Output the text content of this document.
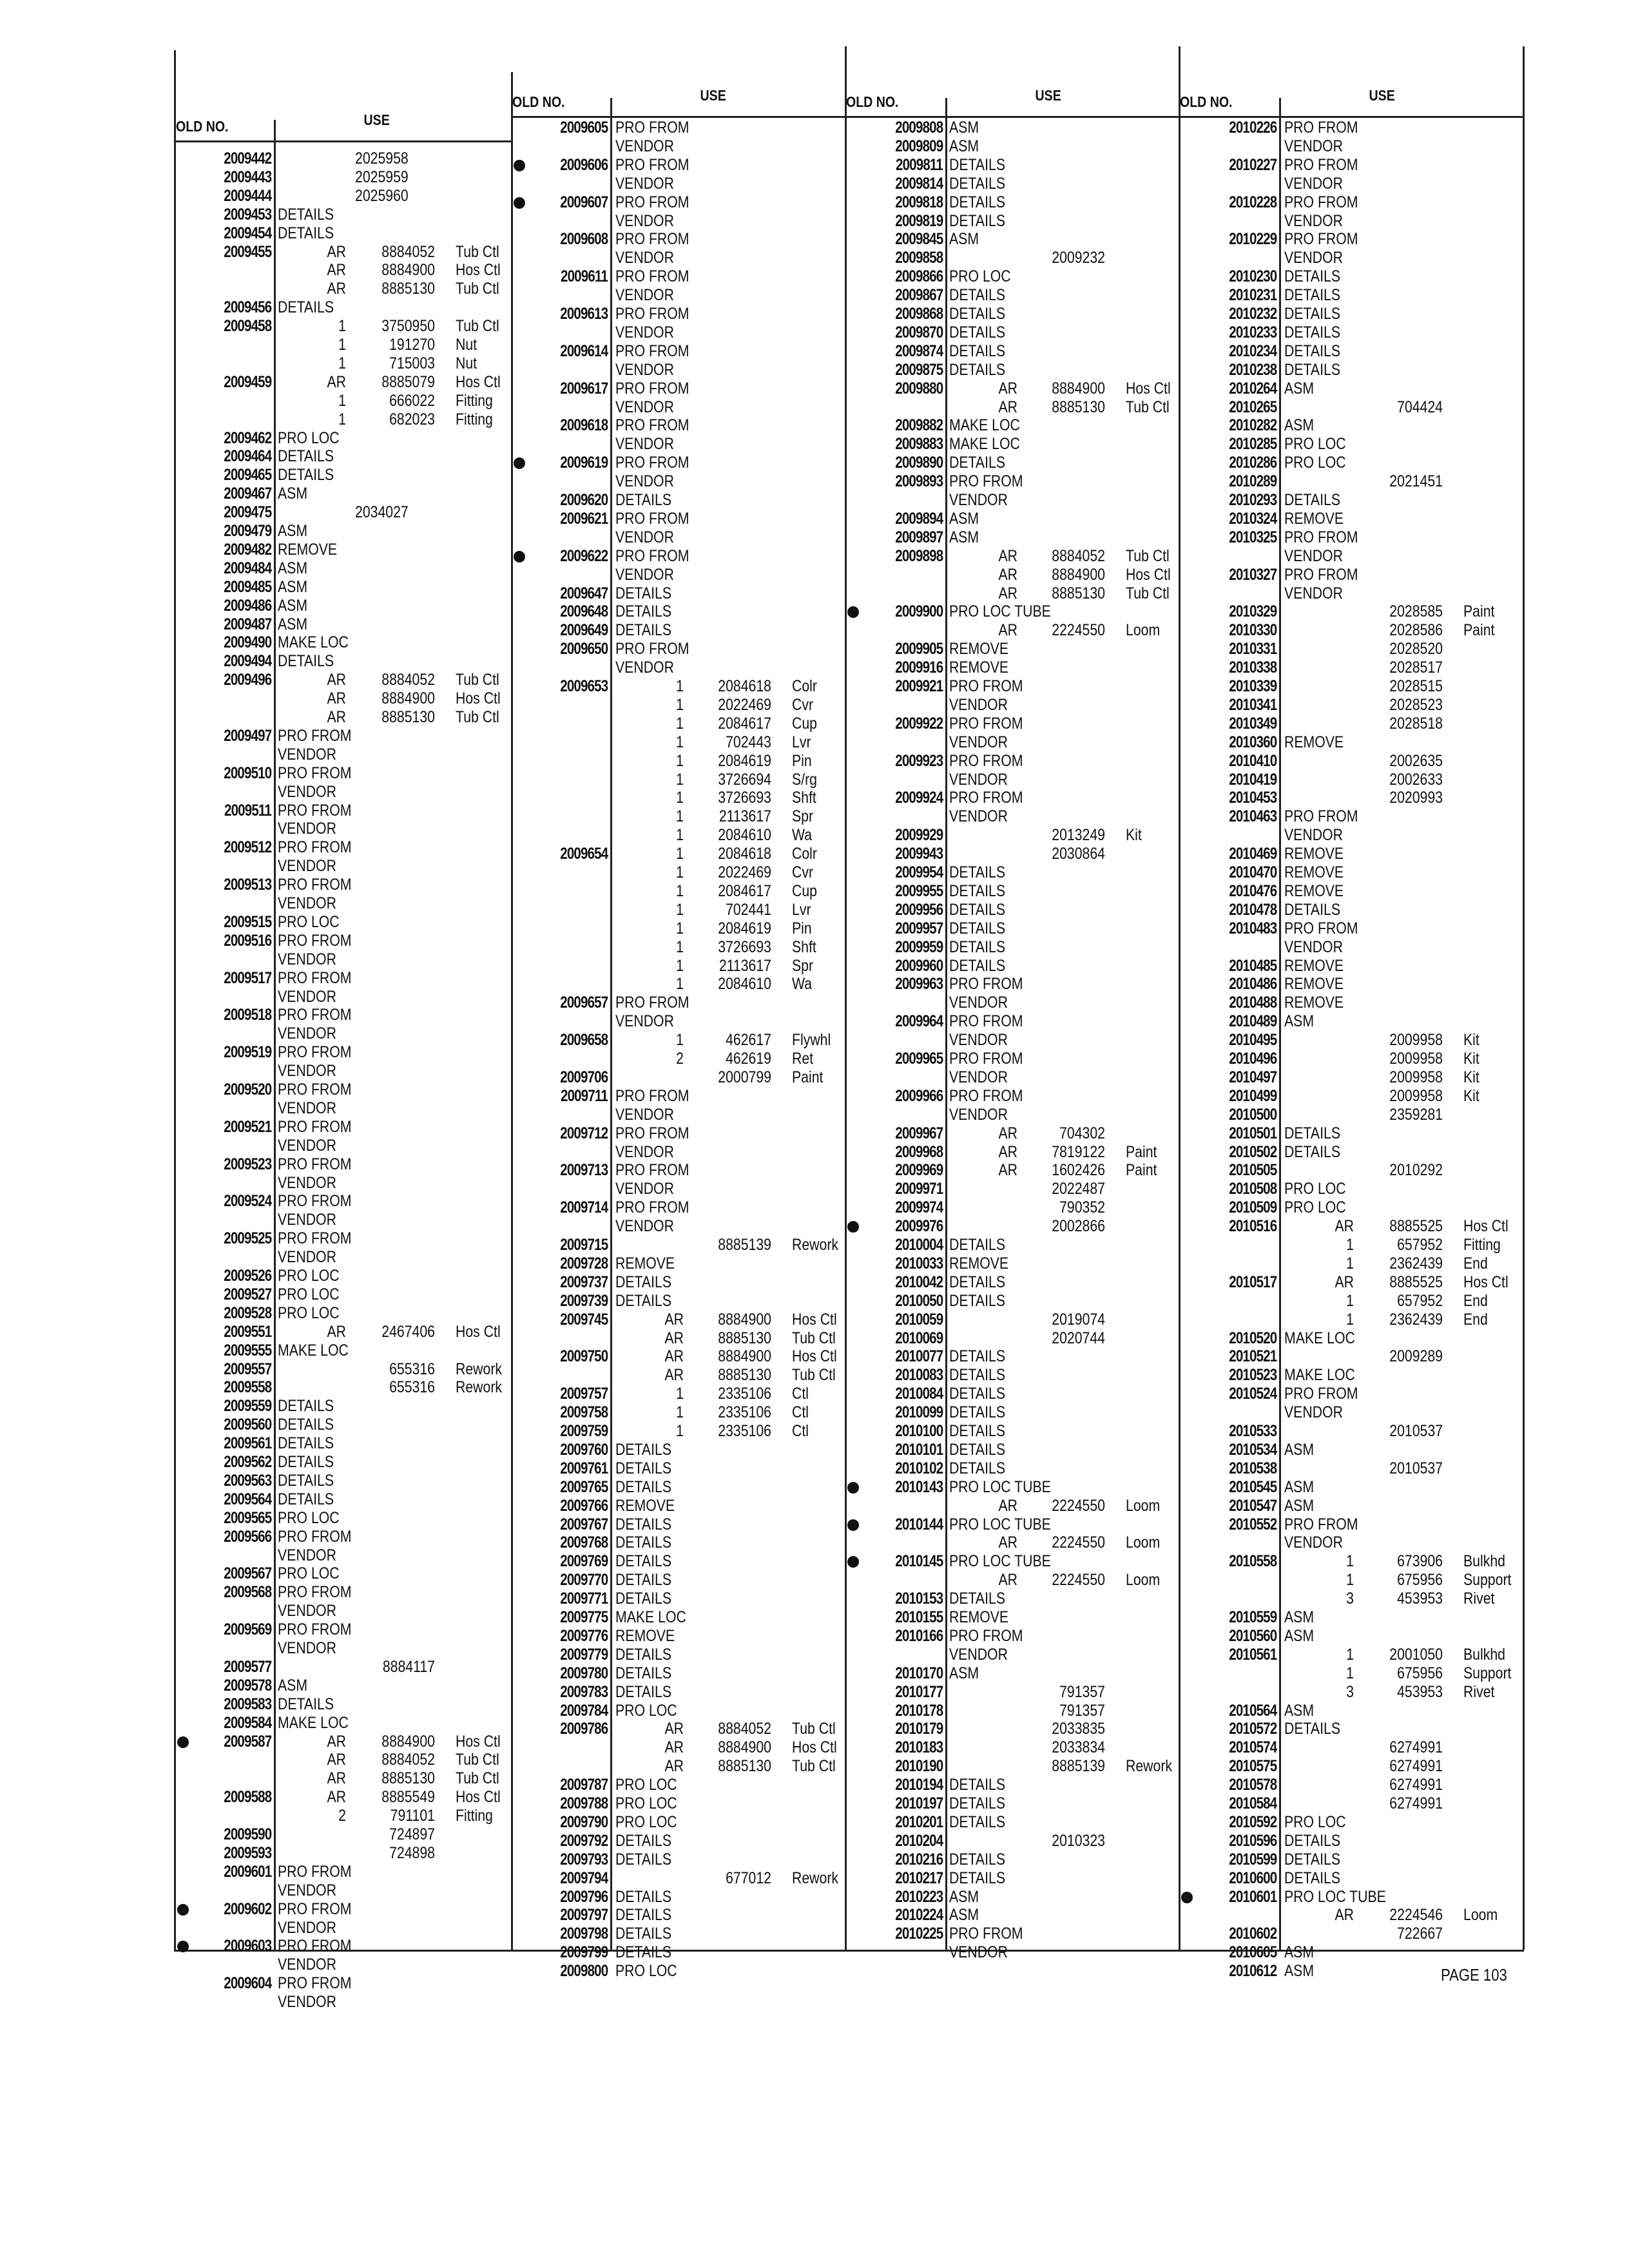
OLD NO.	USE
2009442	2025958
2009443	2025959
2009444	2025960
2009453 DETAILS
2009454 DETAILS
2009455	AR	8884052 Tub Ctl
AR	8884900 Hos Ctl
AR	8885130 Tub Ctl
2009456 DETAILS
2009458	1	3750950 Tub Ctl
1	191270 Nut
1	715003 Nut
2009459	AR	8885079 Hos Ctl
1	666022 Fitting
1	682023 Fitting
2009462 PRO LOC
2009464 DETAILS
2009465 DETAILS
2009467 ASM
2009475	2034027
2009479 ASM
2009482 REMOVE
2009484 ASM
2009485 ASM
2009486 ASM
2009487 ASM
2009490 MAKE LOC
2009494 DETAILS
2009496	AR	8884052 Tub Ctl
AR	8884900 Hos Ctl
AR	8885130 Tub Ctl
2009497 PRO FROM
VENDOR
2009510 PRO FROM
VENDOR
2009511 PRO FROM
VENDOR
2009512 PRO FROM
VENDOR
2009513 PRO FROM
VENDOR
2009515 PRO LOC
2009516 PRO FROM
VENDOR
2009517 PRO FROM
VENDOR
2009518 PRO FROM
VENDOR
2009519 PRO FROM
VENDOR
2009520 PRO FROM
VENDOR
2009521 PRO FROM
VENDOR
2009523 PRO FROM
VENDOR
2009524 PRO FROM
VENDOR
2009525 PRO FROM
VENDOR
2009526 PRO LOC
2009527 PRO LOC
2009528 PRO LOC
2009551	AR	2467406 Hos Ctl
2009555 MAKE LOC
2009557	655316 Rework
2009558	655316 Rework
2009559 DETAILS
2009560 DETAILS
2009561 DETAILS
2009562 DETAILS
2009563 DETAILS
2009564 DETAILS
2009565 PRO LOC
2009566 PRO FROM
VENDOR
2009567 PRO LOC
2009568 PRO FROM
VENDOR
2009569 PRO FROM
VENDOR
2009577	8884117
2009578 ASM
2009583 DETAILS
2009584 MAKE LOC
2009587	AR	8884900 Hos Ctl
AR	8884052 Tub Ctl
AR	8885130 Tub Ctl
2009588	AR	8885549 Hos Ctl
2	791101 Fitting
2009590	724897
2009593	724898
2009601 PRO FROM
VENDOR
2009602 PRO FROM
VENDOR
2009603 PRO FROM
VENDOR
2009604 PRO FROM
VENDOR
OLD NO.	USE
2009605 PRO FROM
VENDOR
2009606 PRO FROM
VENDOR
2009607 PRO FROM
VENDOR
2009608 PRO FROM
VENDOR
2009611 PRO FROM
VENDOR
2009613 PRO FROM
VENDOR
2009614 PRO FROM
VENDOR
2009617 PRO FROM
VENDOR
2009618 PRO FROM
VENDOR
2009619 PRO FROM
VENDOR
2009620 DETAILS
2009621 PRO FROM
VENDOR
2009622 PRO FROM
VENDOR
2009647 DETAILS
2009648 DETAILS
2009649 DETAILS
2009650 PRO FROM
VENDOR
2009653	1	2084618 Colr
1	2022469 Cvr
1	2084617 Cup
1	702443 Lvr
1	2084619 Pin
1	3726694 S/rg
1	3726693 Shft
1	2113617 Spr
1	2084610 Wa
2009654	1	2084618 Colr
1	2022469 Cvr
1	2084617 Cup
1	702441 Lvr
1	2084619 Pin
1	3726693 Shft
1	2113617 Spr
1	2084610 Wa
2009657 PRO FROM
VENDOR
2009658	1	462617 Flywhl
2	462619 Ret
2009706	2000799 Paint
2009711 PRO FROM
VENDOR
2009712 PRO FROM
VENDOR
2009713 PRO FROM
VENDOR
2009714 PRO FROM
VENDOR
2009715	8885139 Rework
2009728 REMOVE
2009737 DETAILS
2009739 DETAILS
2009745	AR	8884900 Hos Ctl
AR	8885130 Tub Ctl
2009750	AR	8884900 Hos Ctl
AR	8885130 Tub Ctl
2009757	1	2335106 Ctl
2009758	1	2335106 Ctl
2009759	1	2335106 Ctl
2009760 DETAILS
2009761 DETAILS
2009765 DETAILS
2009766 REMOVE
2009767 DETAILS
2009768 DETAILS
2009769 DETAILS
2009770 DETAILS
2009771 DETAILS
2009775 MAKE LOC
2009776 REMOVE
2009779 DETAILS
2009780 DETAILS
2009783 DETAILS
2009784 PRO LOC
2009786	AR	8884052 Tub Ctl
AR	8884900 Hos Ctl
AR	8885130 Tub Ctl
2009787 PRO LOC
2009788 PRO LOC
2009790 PRO LOC
2009792 DETAILS
2009793 DETAILS
2009794	677012 Rework
2009796 DETAILS
2009797 DETAILS
2009798 DETAILS
2009799 DETAILS
2009800 PRO LOC
OLD NO.	USE
2009808 ASM
2009809 ASM
2009811 DETAILS
2009814 DETAILS
2009818 DETAILS
2009819 DETAILS
2009845 ASM
2009858	2009232
2009866 PRO LOC
2009867 DETAILS
2009868 DETAILS
2009870 DETAILS
2009874 DETAILS
2009875 DETAILS
2009880	AR	8884900 Hos Ctl
AR	8885130 Tub Ctl
2009882 MAKE LOC
2009883 MAKE LOC
2009890 DETAILS
2009893 PRO FROM
VENDOR
2009894 ASM
2009897 ASM
2009898	AR	8884052 Tub Ctl
AR	8884900 Hos Ctl
AR	8885130 Tub Ctl
2009900 PRO LOC TUBE
AR	2224550 Loom
2009905 REMOVE
2009916 REMOVE
2009921 PRO FROM
VENDOR
2009922 PRO FROM
VENDOR
2009923 PRO FROM
VENDOR
2009924 PRO FROM
VENDOR
2009929	2013249 Kit
2009943	2030864
2009954 DETAILS
2009955 DETAILS
2009956 DETAILS
2009957 DETAILS
2009959 DETAILS
2009960 DETAILS
2009963 PRO FROM
VENDOR
2009964 PRO FROM
VENDOR
2009965 PRO FROM
VENDOR
2009966 PRO FROM
VENDOR
2009967	AR	704302
2009968	AR	7819122 Paint
2009969	AR	1602426 Paint
2009971	2022487
2009974	790352
2009976	2002866
2010004 DETAILS
2010033 REMOVE
2010042 DETAILS
2010050 DETAILS
2010059	2019074
2010069	2020744
2010077 DETAILS
2010083 DETAILS
2010084 DETAILS
2010099 DETAILS
2010100 DETAILS
2010101 DETAILS
2010102 DETAILS
2010143 PRO LOC TUBE
AR	2224550 Loom
2010144 PRO LOC TUBE
AR	2224550 Loom
2010145 PRO LOC TUBE
AR	2224550 Loom
2010153 DETAILS
2010155 REMOVE
2010166 PRO FROM
VENDOR
2010170 ASM
2010177	791357
2010178	791357
2010179	2033835
2010183	2033834
2010190	8885139 Rework
2010194 DETAILS
2010197 DETAILS
2010201 DETAILS
2010204	2010323
2010216 DETAILS
2010217 DETAILS
2010223 ASM
2010224 ASM
2010225 PRO FROM
VENDOR
OLD NO.	USE
2010226 PRO FROM
VENDOR
2010227 PRO FROM
VENDOR
2010228 PRO FROM
VENDOR
2010229 PRO FROM
VENDOR
2010230 DETAILS
2010231 DETAILS
2010232 DETAILS
2010233 DETAILS
2010234 DETAILS
2010238 DETAILS
2010264 ASM
2010265	704424
2010282 ASM
2010285 PRO LOC
2010286 PRO LOC
2010289	2021451
2010293 DETAILS
2010324 REMOVE
2010325 PRO FROM
VENDOR
2010327 PRO FROM
VENDOR
2010329	2028585 Paint
2010330	2028586 Paint
2010331	2028520
2010338	2028517
2010339	2028515
2010341	2028523
2010349	2028518
2010360 REMOVE
2010410	2002635
2010419	2002633
2010453	2020993
2010463 PRO FROM
VENDOR
2010469 REMOVE
2010470 REMOVE
2010476 REMOVE
2010478 DETAILS
2010483 PRO FROM
VENDOR
2010485 REMOVE
2010486 REMOVE
2010488 REMOVE
2010489 ASM
2010495	2009958 Kit
2010496	2009958 Kit
2010497	2009958 Kit
2010499	2009958 Kit
2010500	2359281
2010501 DETAILS
2010502 DETAILS
2010505	2010292
2010508 PRO LOC
2010509 PRO LOC
2010516	AR	8885525 Hos Ctl
1	657952 Fitting
1	2362439 End
2010517	AR	8885525 Hos Ctl
1	657952 End
1	2362439 End
2010520 MAKE LOC
2010521	2009289
2010523 MAKE LOC
2010524 PRO FROM
VENDOR
2010533	2010537
2010534 ASM
2010538	2010537
2010545 ASM
2010547 ASM
2010552 PRO FROM
VENDOR
2010558	1	673906 Bulkhd
1	675956 Support
3	453953 Rivet
2010559 ASM
2010560 ASM
2010561	1	2001050 Bulkhd
1	675956 Support
3	453953 Rivet
2010564 ASM
2010572 DETAILS
2010574	6274991
2010575	6274991
2010578	6274991
2010584	6274991
2010592 PRO LOC
2010596 DETAILS
2010599 DETAILS
2010600 DETAILS
2010601 PRO LOC TUBE
AR	2224546 Loom
2010602	722667
2010605 ASM
2010612 ASM	PAGE 103
